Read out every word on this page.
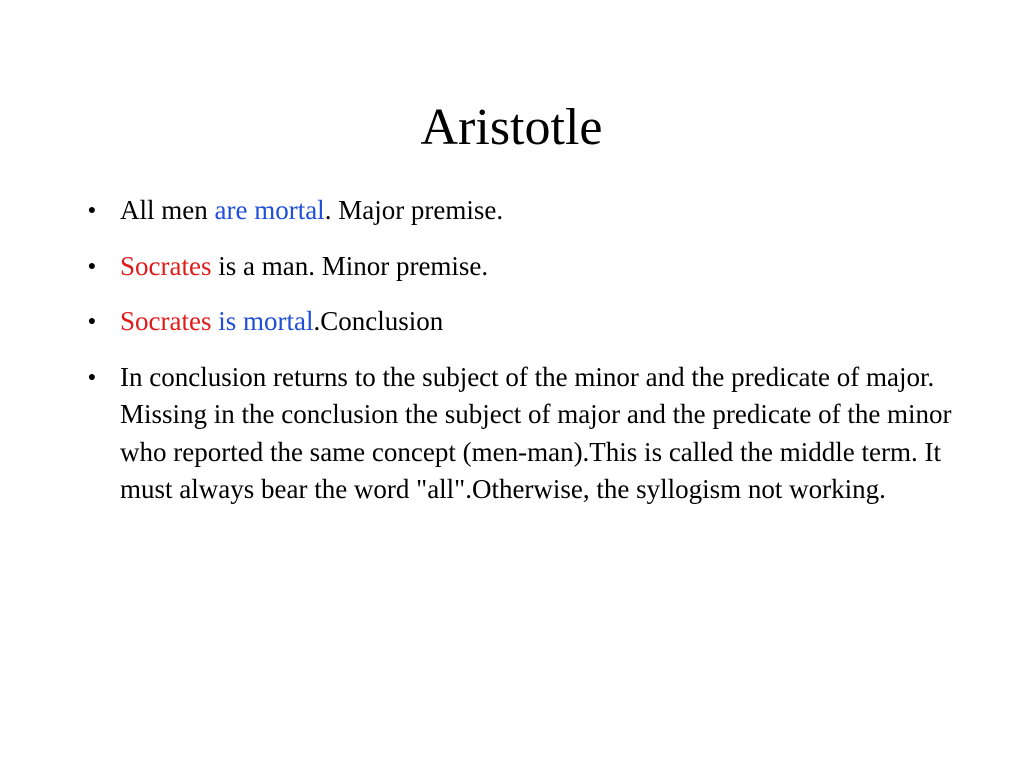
Aristotle
● All men are mortal. Major premise.
● Socrates is a man. Minor premise.
● Socrates is mortal.Conclusion
● In conclusion returns to the subject of the minor and the predicate of major. Missing in the conclusion the subject of major and the predicate of the minor who reported the same concept (men-man).This is called the middle term. It must always bear the word "all".Otherwise, the syllogism not working.
